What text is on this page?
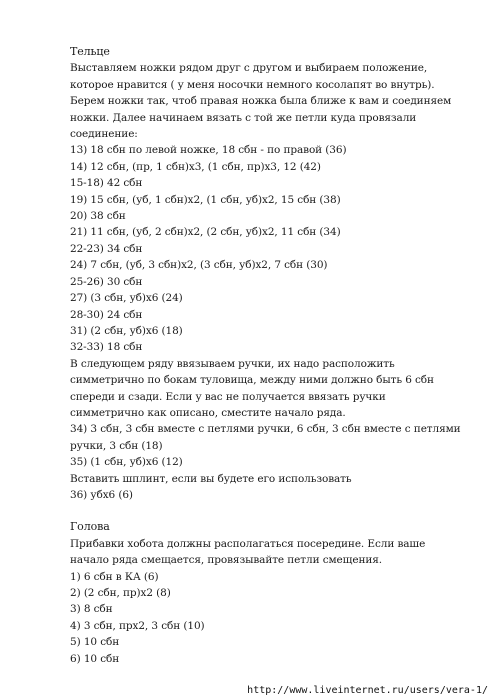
Тельце
Выставляем ножки рядом друг с другом и выбираем положение,
которое нравится ( у меня носочки немного косолапят во внутрь).
Берем ножки так, чтоб правая ножка была ближе к вам и соединяем
ножки. Далее начинаем вязать с той же петли куда провязали
соединение:
13) 18 сбн по левой ножке, 18 сбн - по правой (36)
14) 12 сбн, (пр, 1 сбн)х3, (1 сбн, пр)х3, 12 (42)
15-18) 42 сбн
19) 15 сбн, (уб, 1 сбн)х2, (1 сбн, уб)х2, 15 сбн (38)
20) 38 сбн
21) 11 сбн, (уб, 2 сбн)х2, (2 сбн, уб)х2, 11 сбн (34)
22-23) 34 сбн
24) 7 сбн, (уб, 3 сбн)х2, (3 сбн, уб)х2, 7 сбн (30)
25-26) 30 сбн
27) (3 сбн, уб)х6 (24)
28-30) 24 сбн
31) (2 сбн, уб)х6 (18)
32-33) 18 сбн
В следующем ряду ввязываем ручки, их надо расположить
симметрично по бокам туловища, между ними должно быть 6 сбн
спереди и сзади. Если у вас не получается ввязать ручки
симметрично как описано, сместите начало ряда.
34) 3 сбн, 3 сбн вместе с петлями ручки, 6 сбн, 3 сбн вместе с петлями
ручки, 3 сбн (18)
35) (1 сбн, уб)х6 (12)
Вставить шплинт, если вы будете его использовать
36) убх6 (6)
Голова
Прибавки хобота должны располагаться посередине. Если ваше
начало ряда смещается, провязывайте петли смещения.
1) 6 сбн в КА (6)
2) (2 сбн, пр)х2 (8)
3) 8 сбн
4) 3 сбн, прх2, 3 сбн (10)
5) 10 сбн
6) 10 сбн
http://www.liveinternet.ru/users/vera-1/
